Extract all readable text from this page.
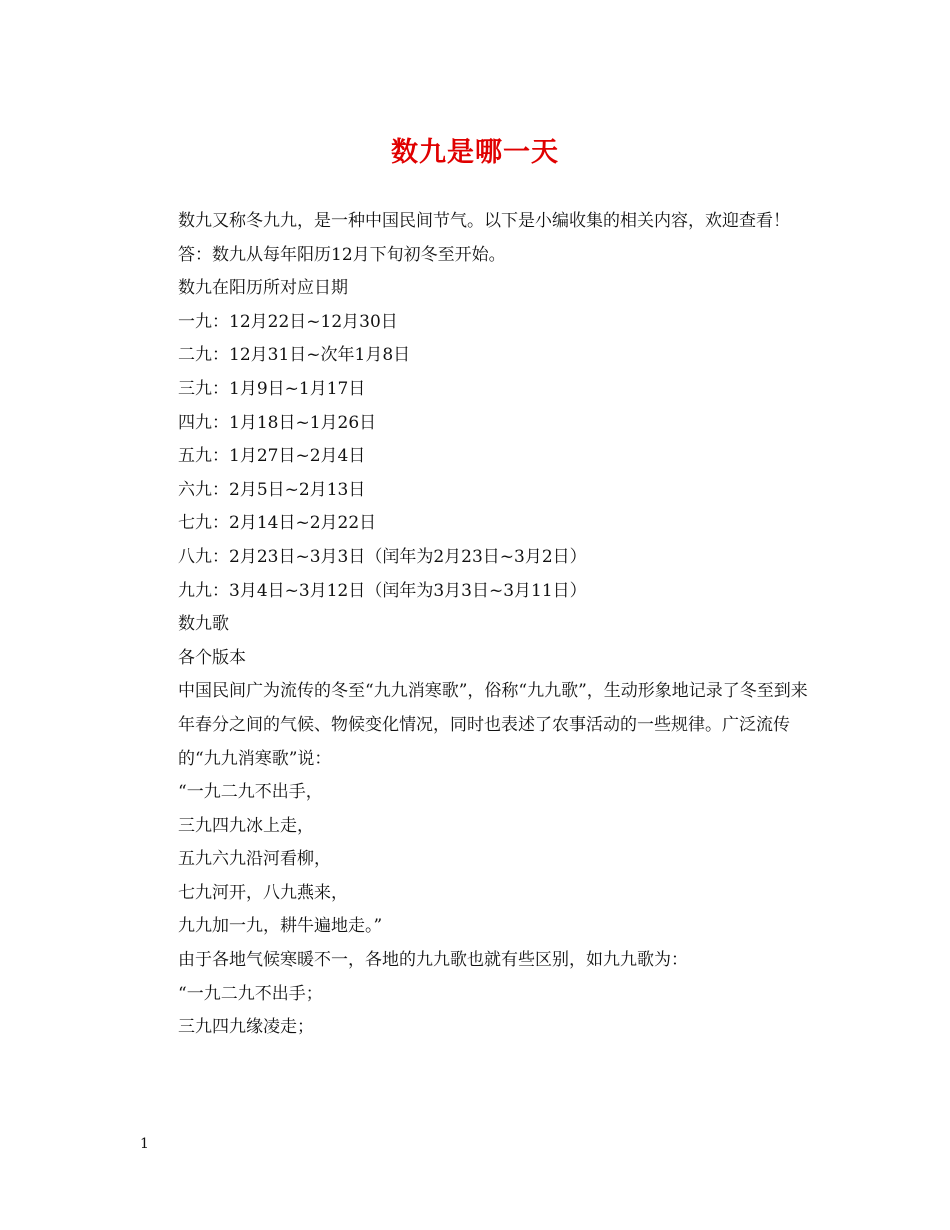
数九是哪一天

数九又称冬九九，是一种中国民间节气。以下是小编收集的相关内容，欢迎查看！

答：数九从每年阳历12月下旬初冬至开始。

数九在阳历所对应日期

一九：12月22日~12月30日

二九：12月31日~次年1月8日

三九：1月9日~1月17日

四九：1月18日~1月26日

五九：1月27日~2月4日

六九：2月5日~2月13日

七九：2月14日~2月22日

八九：2月23日~3月3日（闰年为2月23日~3月2日）

九九：3月4日~3月12日（闰年为3月3日~3月11日）

数九歌

各个版本

中国民间广为流传的冬至“九九消寒歌”，俗称“九九歌”，生动形象地记录了冬至到来年春分之间的气候、物候变化情况，同时也表述了农事活动的一些规律。广泛流传的“九九消寒歌”说：

“一九二九不出手，

三九四九冰上走，

五九六九沿河看柳，

七九河开，八九燕来，

九九加一九，耕牛遍地走。”

由于各地气候寒暖不一，各地的九九歌也就有些区别，如九九歌为：

“一九二九不出手；

三九四九缘凌走；

1
